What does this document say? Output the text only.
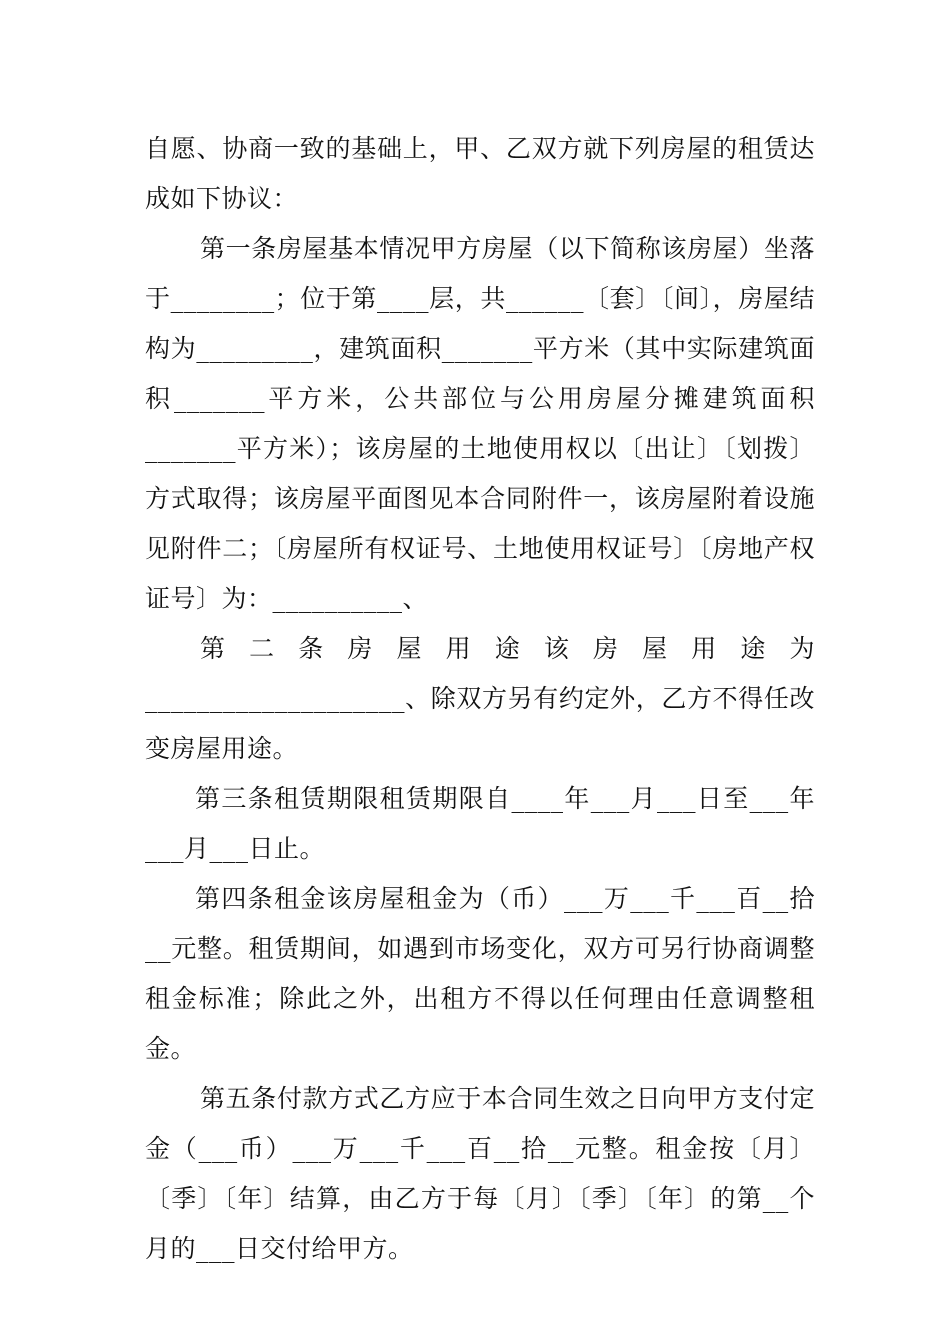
自愿、协商一致的基础上，甲、乙双方就下列房屋的租赁达成如下协议：

第一条房屋基本情况甲方房屋（以下简称该房屋）坐落于________；位于第____层，共______〔套〕〔间〕，房屋结构为_________，建筑面积_______平方米（其中实际建筑面积_______平方米，公共部位与公用房屋分摊建筑面积_______平方米）；该房屋的土地使用权以〔出让〕〔划拨〕方式取得；该房屋平面图见本合同附件一，该房屋附着设施见附件二；〔房屋所有权证号、土地使用权证号〕〔房地产权证号〕为：__________、

第二条房屋用途该房屋用途为____________________、除双方另有约定外，乙方不得任改变房屋用途。

第三条租赁期限租赁期限自____年___月___日至___年___月___日止。

第四条租金该房屋租金为（币）___万___千___百__拾__元整。租赁期间，如遇到市场变化，双方可另行协商调整租金标准；除此之外，出租方不得以任何理由任意调整租金。

第五条付款方式乙方应于本合同生效之日向甲方支付定金（___币）___万___千___百__拾__元整。租金按〔月〕〔季〕〔年〕结算，由乙方于每〔月〕〔季〕〔年〕的第__个月的___日交付给甲方。
